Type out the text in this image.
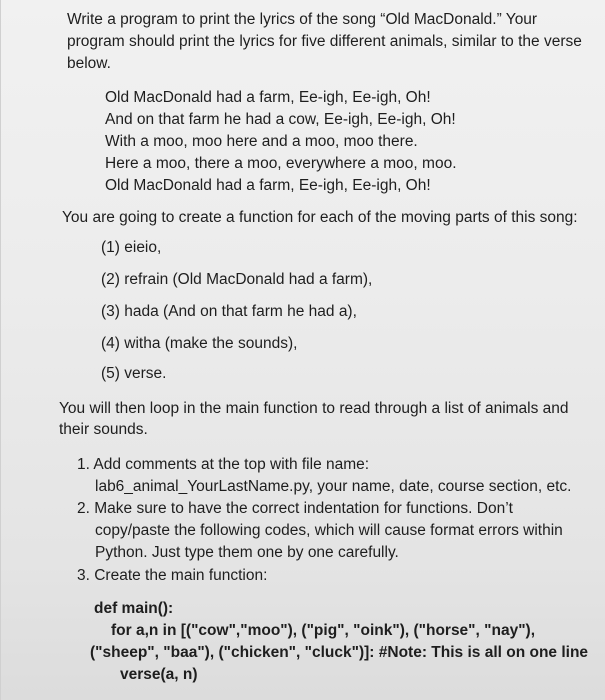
Write a program to print the lyrics of the song “Old MacDonald.” Your
program should print the lyrics for five different animals, similar to the verse
below.
Old MacDonald had a farm, Ee-igh, Ee-igh, Oh!
And on that farm he had a cow, Ee-igh, Ee-igh, Oh!
With a moo, moo here and a moo, moo there.
Here a moo, there a moo, everywhere a moo, moo.
Old MacDonald had a farm, Ee-igh, Ee-igh, Oh!
You are going to create a function for each of the moving parts of this song:
(1) eieio,
(2) refrain (Old MacDonald had a farm),
(3) hada (And on that farm he had a),
(4) witha (make the sounds),
(5) verse.
You will then loop in the main function to read through a list of animals and
their sounds.
1. Add comments at the top with file name:
lab6_animal_YourLastName.py, your name, date, course section, etc.
2. Make sure to have the correct indentation for functions. Don’t
copy/paste the following codes, which will cause format errors within
Python. Just type them one by one carefully.
3. Create the main function:
def main():
for a,n in [("cow","moo"), ("pig", "oink"), ("horse", "nay"),
("sheep", "baa"), ("chicken", "cluck")]: #Note: This is all on one line
verse(a, n)
